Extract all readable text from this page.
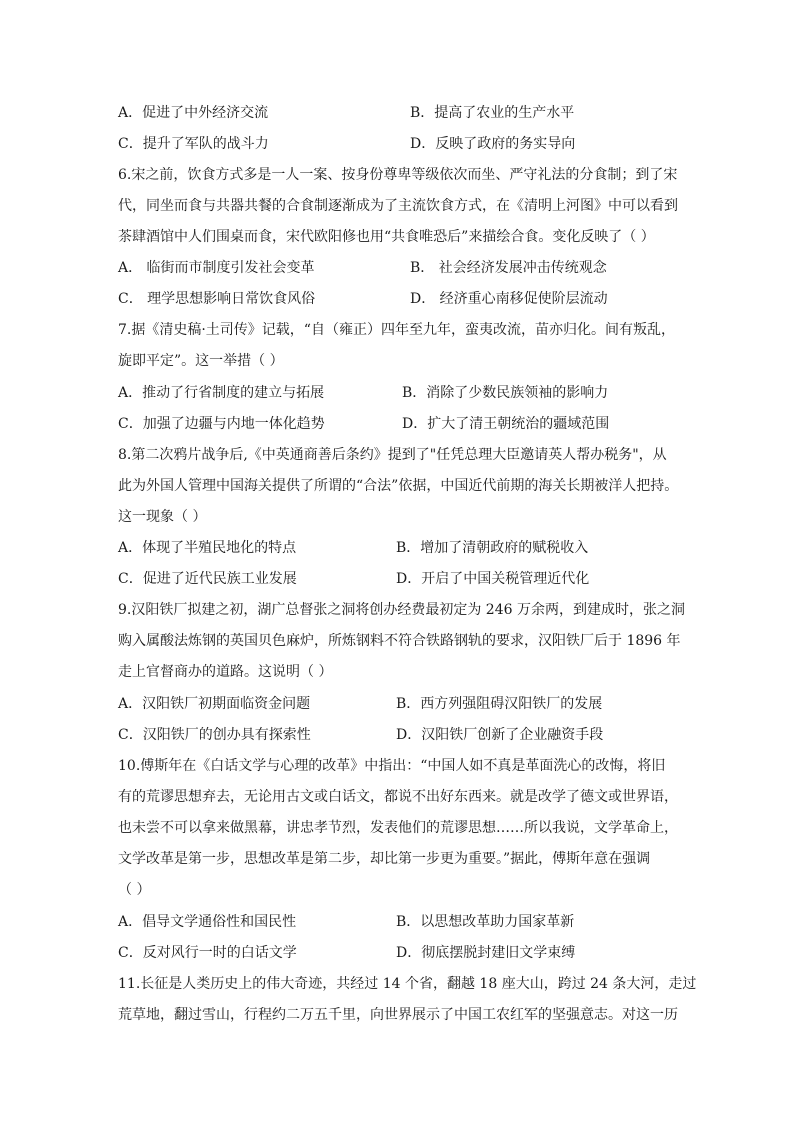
A．促进了中外经济交流	B．提高了农业的生产水平
C．提升了军队的战斗力	D．反映了政府的务实导向
6.宋之前，饮食方式多是一人一案、按身份尊卑等级依次而坐、严守礼法的分食制；到了宋
代，同坐而食与共器共餐的合食制逐渐成为了主流饮食方式，在《清明上河图》中可以看到
茶肆酒馆中人们围桌而食，宋代欧阳修也用“共食唯恐后”来描绘合食。变化反映了（ ）
A． 临街而市制度引发社会变革	B． 社会经济发展冲击传统观念
C． 理学思想影响日常饮食风俗	D． 经济重心南移促使阶层流动
7.据《清史稿·土司传》记载，“自（雍正）四年至九年，蛮夷改流，苗亦归化。间有叛乱，
旋即平定”。这一举措（ ）
A．推动了行省制度的建立与拓展	B．消除了少数民族领袖的影响力
C．加强了边疆与内地一体化趋势	D．扩大了清王朝统治的疆域范围
8.第二次鸦片战争后,《中英通商善后条约》提到了"任凭总理大臣邀请英人帮办税务"，从
此为外国人管理中国海关提供了所谓的“合法”依据，中国近代前期的海关长期被洋人把持。
这一现象（ ）
A．体现了半殖民地化的特点	B．增加了清朝政府的赋税收入
C．促进了近代民族工业发展	D．开启了中国关税管理近代化
9.汉阳铁厂拟建之初，湖广总督张之洞将创办经费最初定为 246 万余两，到建成时，张之洞
购入属酸法炼钢的英国贝色麻炉，所炼钢料不符合铁路钢轨的要求，汉阳铁厂后于 1896 年
走上官督商办的道路。这说明（ ）
A．汉阳铁厂初期面临资金问题	B．西方列强阻碍汉阳铁厂的发展
C．汉阳铁厂的创办具有探索性	D．汉阳铁厂创新了企业融资手段
10.傅斯年在《白话文学与心理的改革》中指出：“中国人如不真是革面洗心的改悔，将旧
有的荒谬思想弃去，无论用古文或白话文，都说不出好东西来。就是改学了德文或世界语，
也未尝不可以拿来做黑幕，讲忠孝节烈，发表他们的荒谬思想……所以我说，文学革命上，
文学改革是第一步，思想改革是第二步，却比第一步更为重要。”据此，傅斯年意在强调
（ ）
A．倡导文学通俗性和国民性	B．以思想改革助力国家革新
C．反对风行一时的白话文学	D．彻底摆脱封建旧文学束缚
11.长征是人类历史上的伟大奇迹，共经过 14 个省，翻越 18 座大山，跨过 24 条大河，走过
荒草地，翻过雪山，行程约二万五千里，向世界展示了中国工农红军的坚强意志。对这一历
